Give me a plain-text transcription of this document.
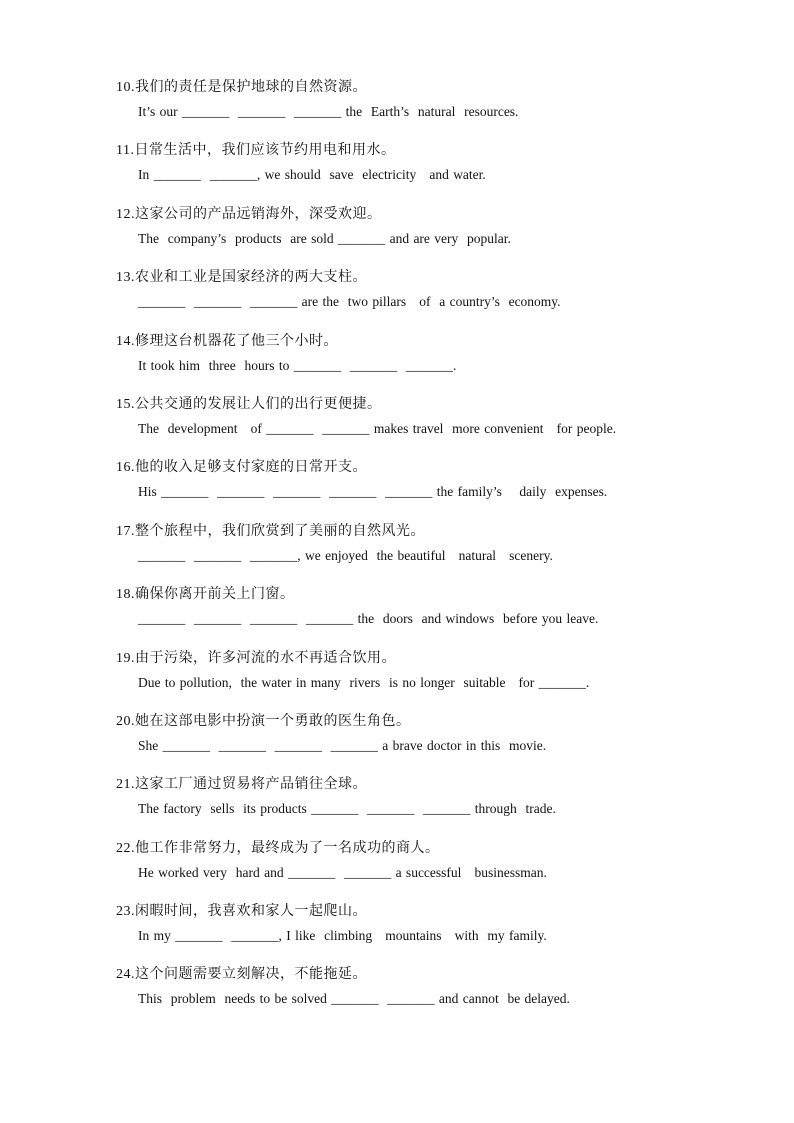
10.我们的责任是保护地球的自然资源。
It’s our _______  _______  _______ the  Earth’s  natural  resources.
11.日常生活中，我们应该节约用电和用水。
In _______  _______, we should  save  electricity   and water.
12.这家公司的产品远销海外，深受欢迎。
The  company’s  products  are sold _______ and are very  popular.
13.农业和工业是国家经济的两大支柱。
_______  _______  _______ are the  two pillars   of  a country’s  economy.
14.修理这台机器花了他三个小时。
It took him  three  hours to _______  _______  _______.
15.公共交通的发展让人们的出行更便捷。
The  development   of _______  _______ makes travel  more convenient   for people.
16.他的收入足够支付家庭的日常开支。
His _______  _______  _______  _______  _______ the family’s    daily  expenses.
17.整个旅程中，我们欣赏到了美丽的自然风光。
_______  _______  _______, we enjoyed  the beautiful   natural   scenery.
18.确保你离开前关上门窗。
_______  _______  _______  _______ the  doors  and windows  before you leave.
19.由于污染，许多河流的水不再适合饮用。
Due to pollution,  the water in many  rivers  is no longer  suitable   for _______.
20.她在这部电影中扮演一个勇敢的医生角色。
She _______  _______  _______  _______ a brave doctor in this  movie.
21.这家工厂通过贸易将产品销往全球。
The factory  sells  its products _______  _______  _______ through  trade.
22.他工作非常努力，最终成为了一名成功的商人。
He worked very  hard and _______  _______ a successful   businessman.
23.闲暇时间，我喜欢和家人一起爬山。
In my _______  _______, I like  climbing   mountains   with  my family.
24.这个问题需要立刻解决，不能拖延。
This  problem  needs to be solved _______  _______ and cannot  be delayed.
